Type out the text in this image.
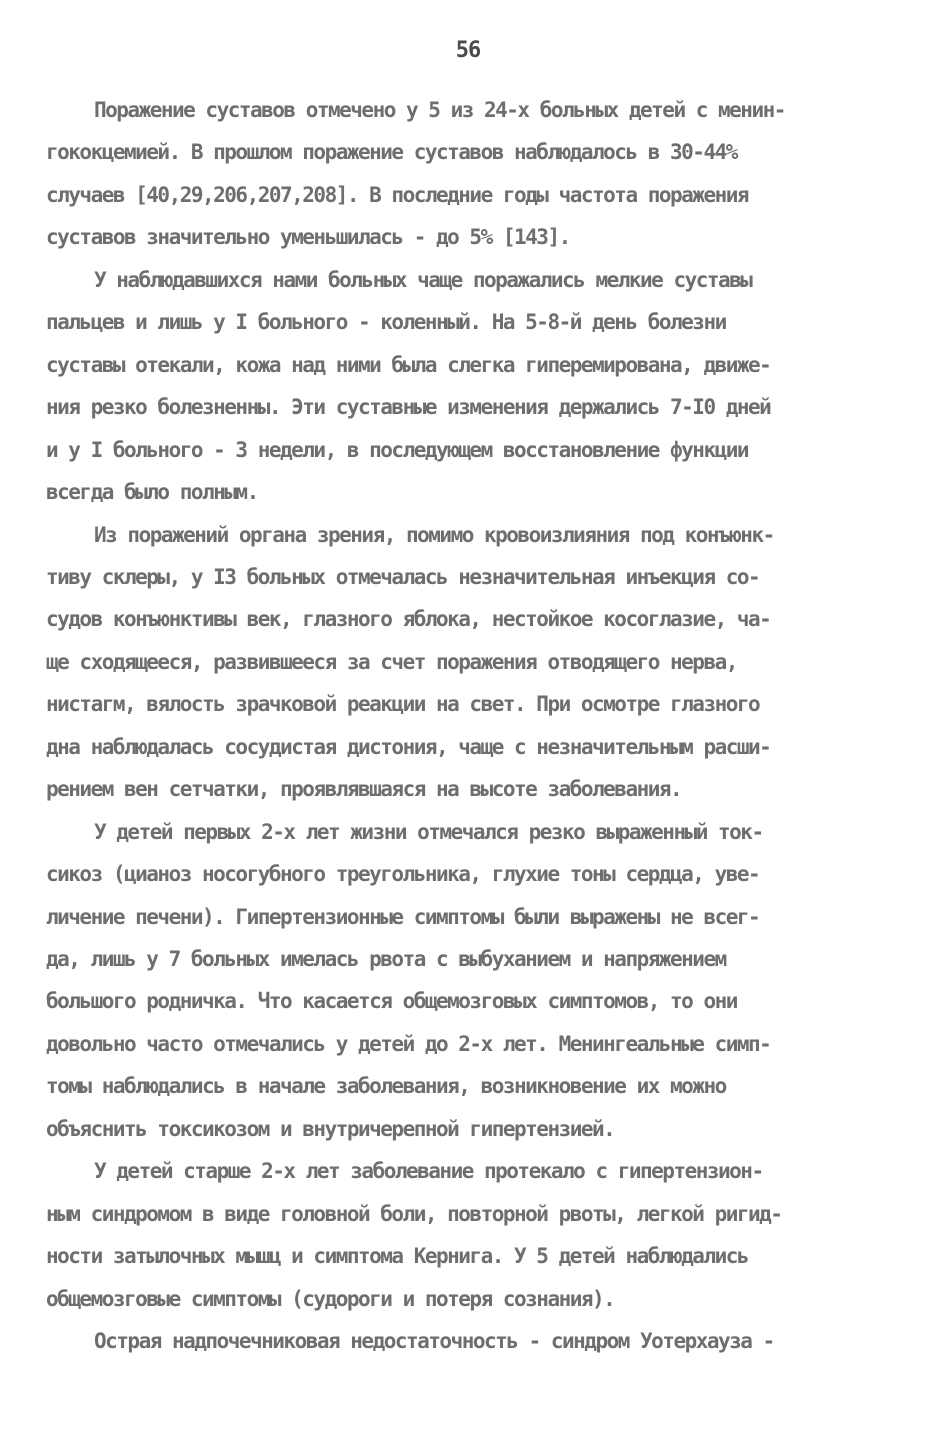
56
Поражение суставов отмечено у 5 из 24-х больных детей с менин-
гококцемией. В прошлом поражение суставов наблюдалось в 30-44%
случаев [40,29,206,207,208]. В последние годы частота поражения
суставов значительно уменьшилась - до 5% [143].
У наблюдавшихся нами больных чаще поражались мелкие суставы
пальцев и лишь у I больного - коленный. На 5-8-й день болезни
суставы отекали, кожа над ними была слегка гиперемирована, движе-
ния резко болезненны. Эти суставные изменения держались 7-I0 дней
и у I больного - 3 недели, в последующем восстановление функции
всегда было полным.
Из поражений органа зрения, помимо кровоизлияния под конъюнк-
тиву склеры, у I3 больных отмечалась незначительная инъекция со-
судов конъюнктивы век, глазного яблока, нестойкое косоглазие, ча-
ще сходящееся, развившееся за счет поражения отводящего нерва,
нистагм, вялость зрачковой реакции на свет. При осмотре глазного
дна наблюдалась сосудистая дистония, чаще с незначительным расши-
рением вен сетчатки, проявлявшаяся на высоте заболевания.
У детей первых 2-х лет жизни отмечался резко выраженный ток-
сикоз (цианоз носогубного треугольника, глухие тоны сердца, уве-
личение печени). Гипертензионные симптомы были выражены не всег-
да, лишь у 7 больных имелась рвота с выбуханием и напряжением
большого родничка. Что касается общемозговых симптомов, то они
довольно часто отмечались у детей до 2-х лет. Менингеальные симп-
томы наблюдались в начале заболевания, возникновение их можно
объяснить токсикозом и внутричерепной гипертензией.
У детей старше 2-х лет заболевание протекало с гипертензион-
ным синдромом в виде головной боли, повторной рвоты, легкой ригид-
ности затылочных мышц и симптома Кернига. У 5 детей наблюдались
общемозговые симптомы (судороги и потеря сознания).
Острая надпочечниковая недостаточность - синдром Уотерхауза -
